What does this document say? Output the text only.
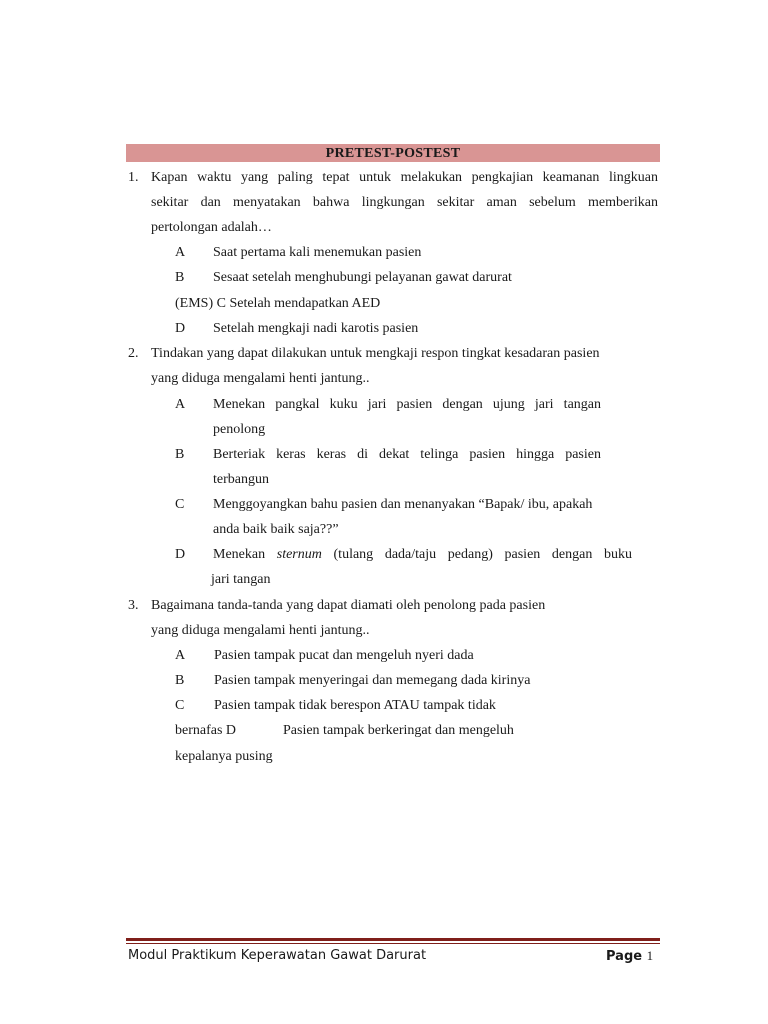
PRETEST-POSTEST
1. Kapan waktu yang paling tepat untuk melakukan pengkajian keamanan lingkuan
sekitar dan menyatakan bahwa lingkungan sekitar aman sebelum memberikan
pertolongan adalah…
A Saat pertama kali menemukan pasien
B Sesaat setelah menghubungi pelayanan gawat darurat
(EMS) C Setelah mendapatkan AED
D Setelah mengkaji nadi karotis pasien
2. Tindakan yang dapat dilakukan untuk mengkaji respon tingkat kesadaran pasien
yang diduga mengalami henti jantung..
A Menekan pangkal kuku jari pasien dengan ujung jari tangan
penolong
B Berteriak keras keras di dekat telinga pasien hingga pasien
terbangun
C Menggoyangkan bahu pasien dan menanyakan “Bapak/ ibu, apakah
anda baik baik saja??”
D Menekan sternum (tulang dada/taju pedang) pasien dengan buku
jari tangan
3. Bagaimana tanda-tanda yang dapat diamati oleh penolong pada pasien
yang diduga mengalami henti jantung..
A Pasien tampak pucat dan mengeluh nyeri dada
B Pasien tampak menyeringai dan memegang dada kirinya
C Pasien tampak tidak berespon ATAU tampak tidak
bernafas D	Pasien tampak berkeringat dan mengeluh
kepalanya pusing
Modul Praktikum Keperawatan Gawat Darurat	Page 1
